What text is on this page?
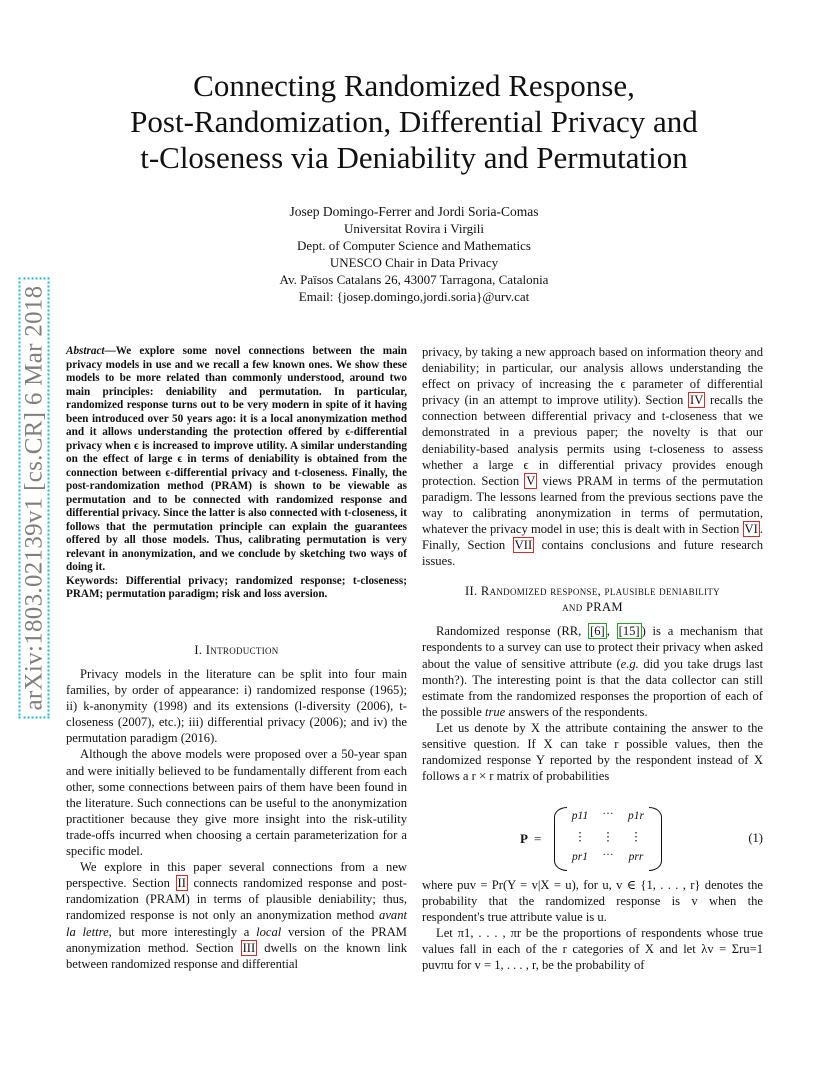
Connecting Randomized Response,
Post-Randomization, Differential Privacy and
t-Closeness via Deniability and Permutation
Josep Domingo-Ferrer and Jordi Soria-Comas
Universitat Rovira i Virgili
Dept. of Computer Science and Mathematics
UNESCO Chair in Data Privacy
Av. Països Catalans 26, 43007 Tarragona, Catalonia
Email: {josep.domingo,jordi.soria}@urv.cat
arXiv:1803.02139v1 [cs.CR] 6 Mar 2018 Abstract—We explore some novel connections between the main privacy models in use and we recall a few known ones. We show these models to be more related than commonly understood, around two main principles: deniability and permutation. In particular, randomized response turns out to be very modern in spite of it having been introduced over 50 years ago: it is a local anonymization method and it allows understanding the protection offered by ϵ-differential privacy when ϵ is increased to improve utility. A similar understanding on the effect of large ϵ in terms of deniability is obtained from the connection between ϵ-differential privacy and t-closeness. Finally, the post-randomization method (PRAM) is shown to be viewable as permutation and to be connected with randomized response and differential privacy. Since the latter is also connected with t-closeness, it follows that the permutation principle can explain the guarantees offered by all those models. Thus, calibrating permutation is very relevant in anonymization, and we conclude by sketching two ways of doing it.

Keywords: Differential privacy; randomized response; t-closeness; PRAM; permutation paradigm; risk and loss aversion.

I. Introduction

Privacy models in the literature can be split into four main families, by order of appearance: i) randomized response (1965); ii) k-anonymity (1998) and its extensions (l-diversity (2006), t-closeness (2007), etc.); iii) differential privacy (2006); and iv) the permutation paradigm (2016).

Although the above models were proposed over a 50-year span and were initially believed to be fundamentally different from each other, some connections between pairs of them have been found in the literature. Such connections can be useful to the anonymization practitioner because they give more insight into the risk-utility trade-offs incurred when choosing a certain parameterization for a specific model.

We explore in this paper several connections from a new perspective. Section II connects randomized response and post-randomization (PRAM) in terms of plausible deniability; thus, randomized response is not only an anonymization method avant la lettre, but more interestingly a local version of the PRAM anonymization method. Section III dwells on the known link between randomized response and differential

privacy, by taking a new approach based on information theory and deniability; in particular, our analysis allows understanding the effect on privacy of increasing the ϵ parameter of differential privacy (in an attempt to improve utility). Section IV recalls the connection between differential privacy and t-closeness that we demonstrated in a previous paper; the novelty is that our deniability-based analysis permits using t-closeness to assess whether a large ϵ in differential privacy provides enough protection. Section V views PRAM in terms of the permutation paradigm. The lessons learned from the previous sections pave the way to calibrating anonymization in terms of permutation, whatever the privacy model in use; this is dealt with in Section VI . Finally, Section VII contains conclusions and future research issues.

II. Randomized response, plausible deniability
and PRAM

Randomized response (RR, [6] , [15] ) is a mechanism that respondents to a survey can use to protect their privacy when asked about the value of sensitive attribute (e.g. did you take drugs last month?). The interesting point is that the data collector can still estimate from the randomized responses the proportion of each of the possible true answers of the respondents.

Let us denote by X the attribute containing the answer to the sensitive question. If X can take r possible values, then the randomized response Y reported by the respondent instead of X follows a r × r matrix of probabilities

P =
p11	···	p1r
⋮	⋮	⋮
pr1	···	prr
(1)

where puv = Pr(Y = v|X = u), for u, v ∈ {1, . . . , r} denotes the probability that the randomized response is v when the respondent's true attribute value is u.

Let π1, . . . , πr be the proportions of respondents whose true values fall in each of the r categories of X and let λv = Σru=1 puvπu for v = 1, . . . , r, be the probability of
